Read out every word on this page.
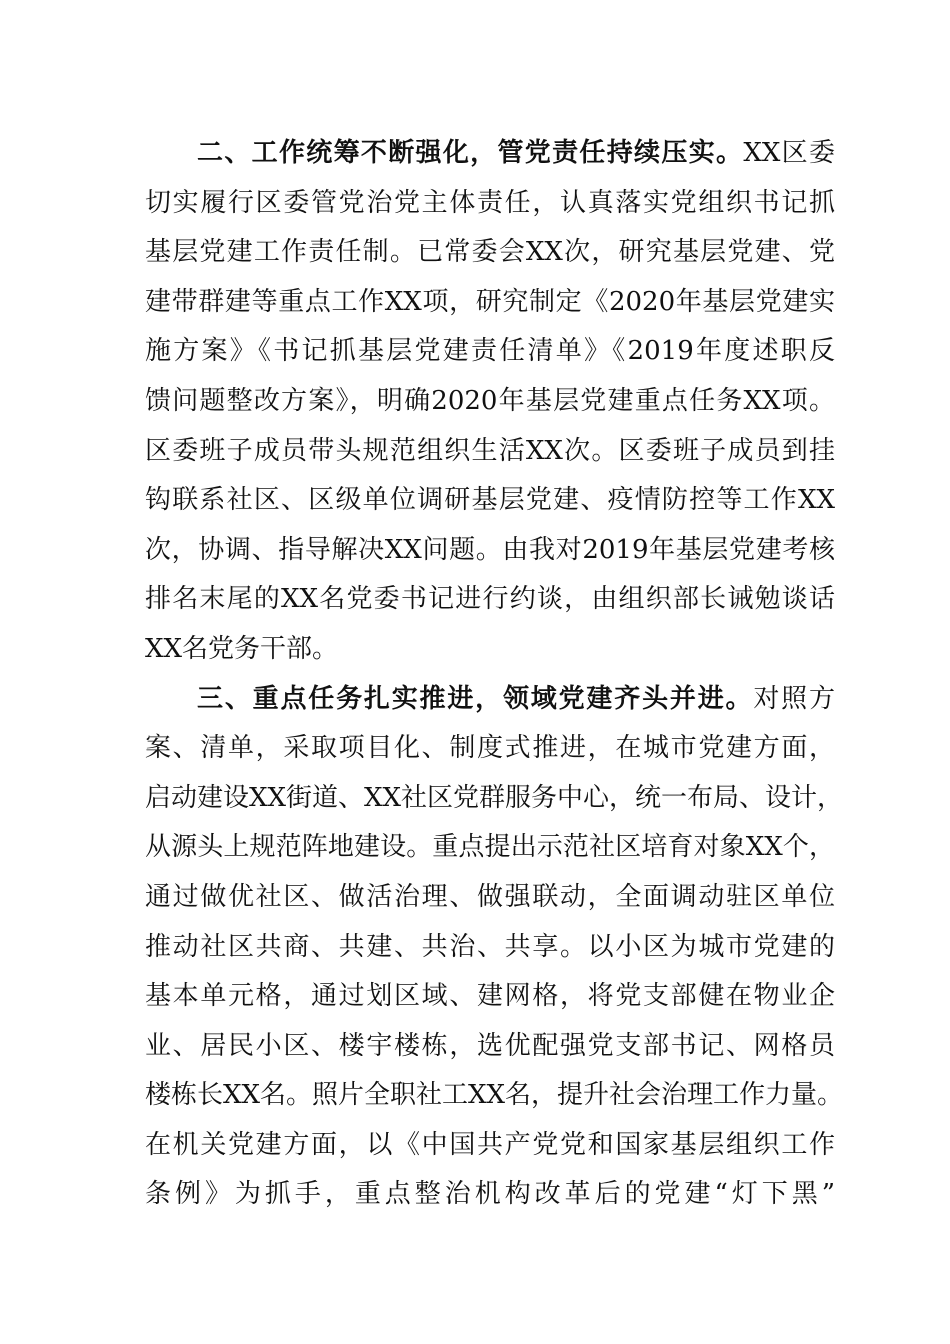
二、工作统筹不断强化，管党责任持续压实。XX区委
切实履行区委管党治党主体责任，认真落实党组织书记抓
基层党建工作责任制。已常委会XX次，研究基层党建、党
建带群建等重点工作XX项，研究制定《2020年基层党建实
施方案》《书记抓基层党建责任清单》《2019年度述职反
馈问题整改方案》，明确2020年基层党建重点任务XX项。
区委班子成员带头规范组织生活XX次。区委班子成员到挂
钩联系社区、区级单位调研基层党建、疫情防控等工作XX
次，协调、指导解决XX问题。由我对2019年基层党建考核
排名末尾的XX名党委书记进行约谈，由组织部长诫勉谈话
XX名党务干部。
三、重点任务扎实推进，领域党建齐头并进。对照方
案、清单，采取项目化、制度式推进，在城市党建方面，
启动建设XX街道、XX社区党群服务中心，统一布局、设计，
从源头上规范阵地建设。重点提出示范社区培育对象XX个，
通过做优社区、做活治理、做强联动，全面调动驻区单位
推动社区共商、共建、共治、共享。以小区为城市党建的
基本单元格，通过划区域、建网格，将党支部健在物业企
业、居民小区、楼宇楼栋，选优配强党支部书记、网格员
楼栋长XX名。照片全职社工XX名，提升社会治理工作力量。
在机关党建方面，以《中国共产党党和国家基层组织工作
条例》为抓手，重点整治机构改革后的党建“灯下黑”
